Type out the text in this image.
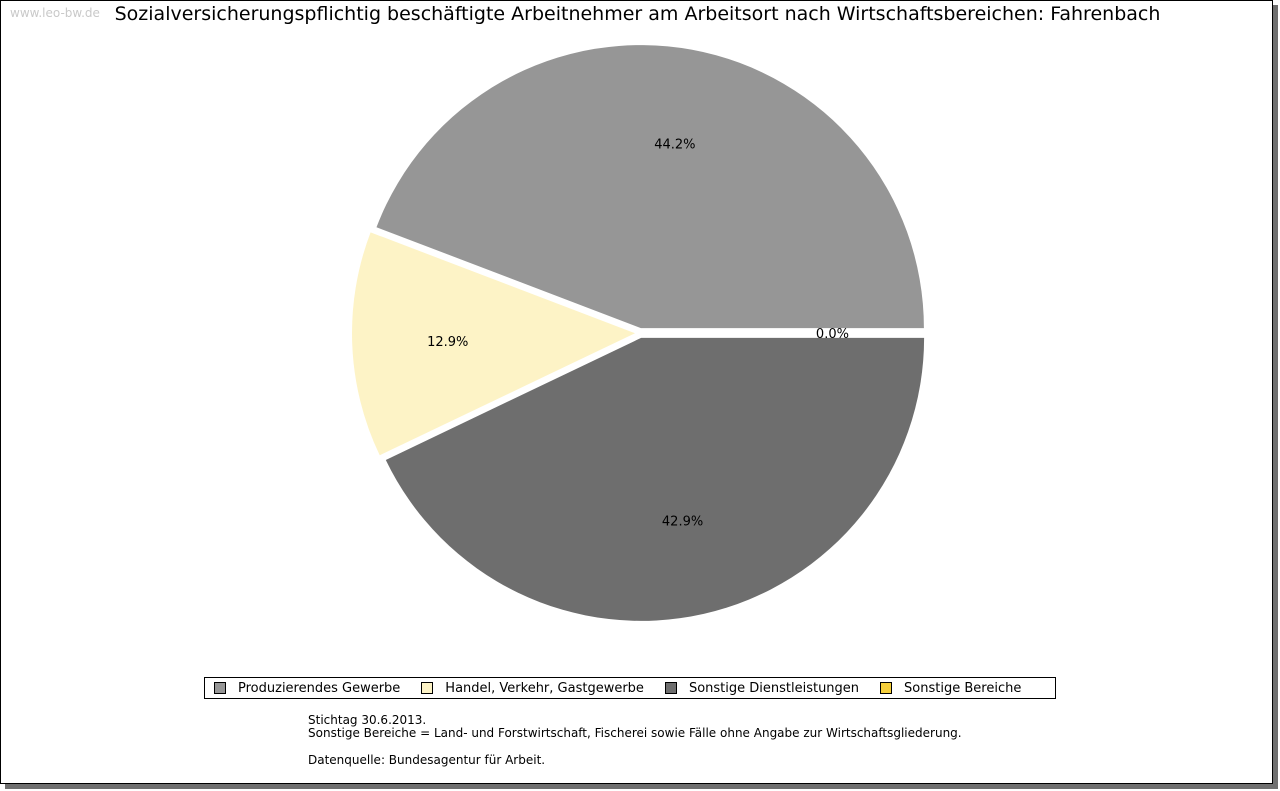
www.leo-bw.de Sozialversicherungspflichtig beschäftigte Arbeitnehmer am Arbeitsort nach Wirtschaftsbereichen: Fahrenbach
44.2%
12.9%
42.9%
0.0%
Produzierendes Gewerbe	Handel, Verkehr, Gastgewerbe	Sonstige Dienstleistungen	Sonstige Bereiche
Stichtag 30.6.2013.
Sonstige Bereiche = Land- und Forstwirtschaft, Fischerei sowie Fälle ohne Angabe zur Wirtschaftsgliederung.
Datenquelle: Bundesagentur für Arbeit.
